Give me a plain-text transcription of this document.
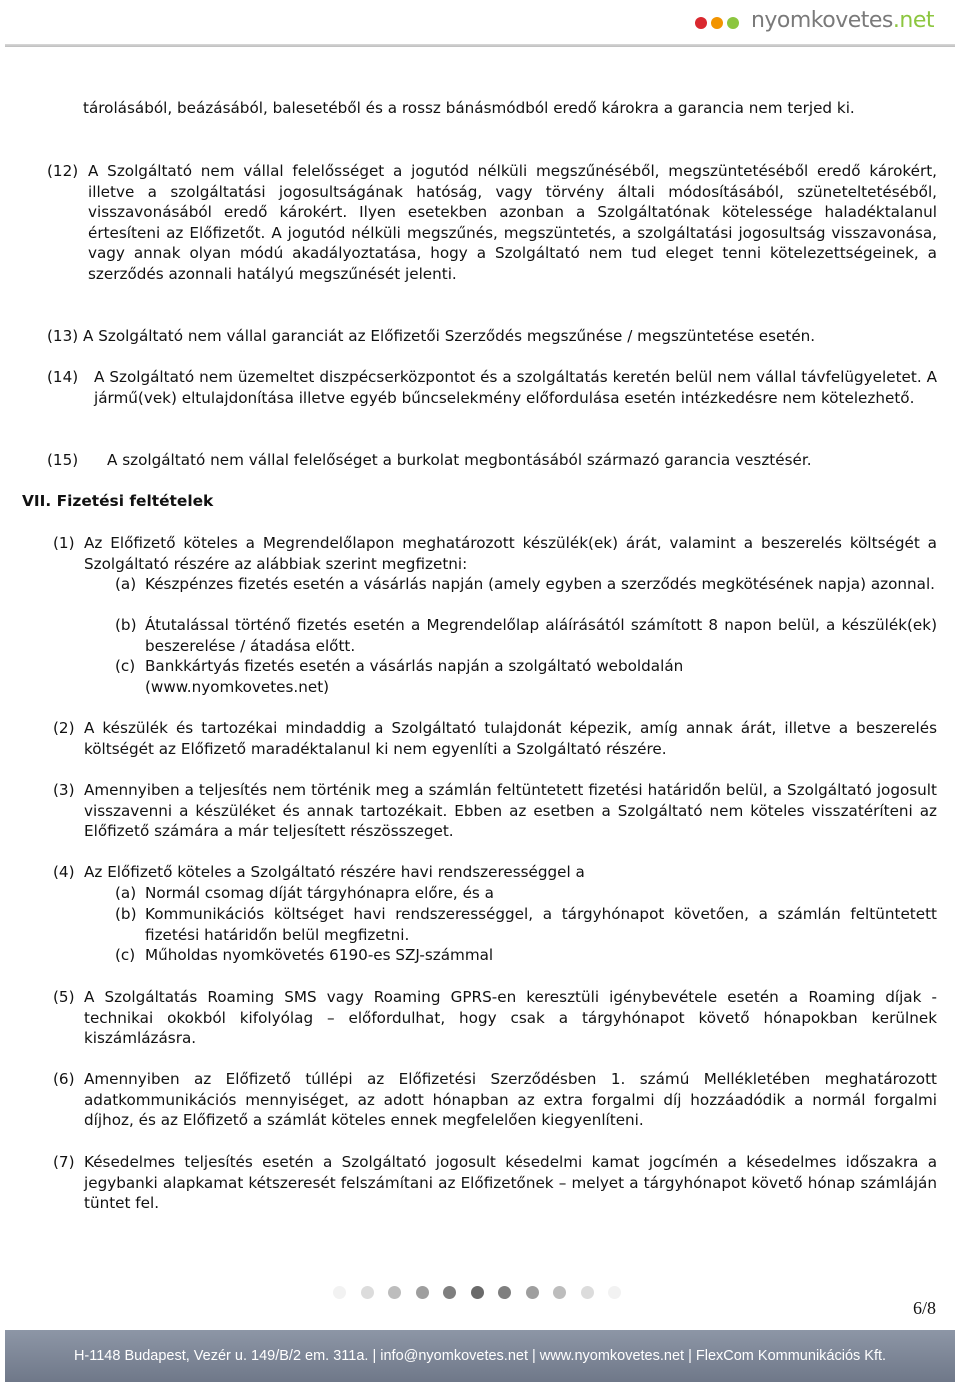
nyomkovetes.net

tárolásából, beázásából, balesetéből és a rossz bánásmódból eredő károkra a garancia nem terjed ki.

(12) A Szolgáltató nem vállal felelősséget a jogutód nélküli megszűnéséből, megszüntetéséből eredő károkért, illetve a szolgáltatási jogosultságának hatóság, vagy törvény általi módosításából, szüneteltetéséből, visszavonásából eredő károkért. Ilyen esetekben azonban a Szolgáltatónak kötelessége haladéktalanul értesíteni az Előfizetőt. A jogutód nélküli megszűnés, megszüntetés, a szolgáltatási jogosultság visszavonása, vagy annak olyan módú akadályoztatása, hogy a Szolgáltató nem tud eleget tenni kötelezettségeinek, a szerződés azonnali hatályú megszűnését jelenti.

(13) A Szolgáltató nem vállal garanciát az Előfizetői Szerződés megszűnése / megszüntetése esetén.

(14) A Szolgáltató nem üzemeltet diszpécserközpontot és a szolgáltatás keretén belül nem vállal távfelügyeletet. A jármű(vek) eltulajdonítása illetve egyéb bűncselekmény előfordulása esetén intézkedésre nem kötelezhető.

(15) A szolgáltató nem vállal felelőséget a burkolat megbontásából származó garancia vesztésér.

VII. Fizetési feltételek
(1) Az Előfizető köteles a Megrendelőlapon meghatározott készülék(ek) árát, valamint a beszerelés költségét a Szolgáltató részére az alábbiak szerint megfizetni:

(a) Készpénzes fizetés esetén a vásárlás napján (amely egyben a szerződés megkötésének napja) azonnal.

(b) Átutalással történő fizetés esetén a Megrendelőlap aláírásától számított 8 napon belül, a készülék(ek) beszerelése / átadása előtt.

(c) Bankkártyás fizetés esetén a vásárlás napján a szolgáltató weboldalán (www.nyomkovetes.net)

(2) A készülék és tartozékai mindaddig a Szolgáltató tulajdonát képezik, amíg annak árát, illetve a beszerelés költségét az Előfizető maradéktalanul ki nem egyenlíti a Szolgáltató részére.

(3) Amennyiben a teljesítés nem történik meg a számlán feltüntetett fizetési határidőn belül, a Szolgáltató jogosult visszavenni a készüléket és annak tartozékait. Ebben az esetben a Szolgáltató nem köteles visszatéríteni az Előfizető számára a már teljesített részösszeget.

(4) Az Előfizető köteles a Szolgáltató részére havi rendszerességgel a

(a) Normál csomag díját tárgyhónapra előre, és a

(b) Kommunikációs költséget havi rendszerességgel, a tárgyhónapot követően, a számlán feltüntetett fizetési határidőn belül megfizetni.

(c) Műholdas nyomkövetés 6190-es SZJ-számmal

(5) A Szolgáltatás Roaming SMS vagy Roaming GPRS-en keresztüli igénybevétele esetén a Roaming díjak - technikai okokból kifolyólag – előfordulhat, hogy csak a tárgyhónapot követő hónapokban kerülnek kiszámlázásra.

(6) Amennyiben az Előfizető túllépi az Előfizetési Szerződésben 1. számú Mellékletében meghatározott adatkommunikációs mennyiséget, az adott hónapban az extra forgalmi díj hozzáadódik a normál forgalmi díjhoz, és az Előfizető a számlát köteles ennek megfelelően kiegyenlíteni.

(7) Késedelmes teljesítés esetén a Szolgáltató jogosult késedelmi kamat jogcímén a késedelmes időszakra a jegybanki alapkamat kétszeresét felszámítani az Előfizetőnek – melyet a tárgyhónapot követő hónap számláján tüntet fel.

6/8
H-1148 Budapest, Vezér u. 149/B/2 em. 311a. | info@nyomkovetes.net | www.nyomkovetes.net | FlexCom Kommunikációs Kft.
